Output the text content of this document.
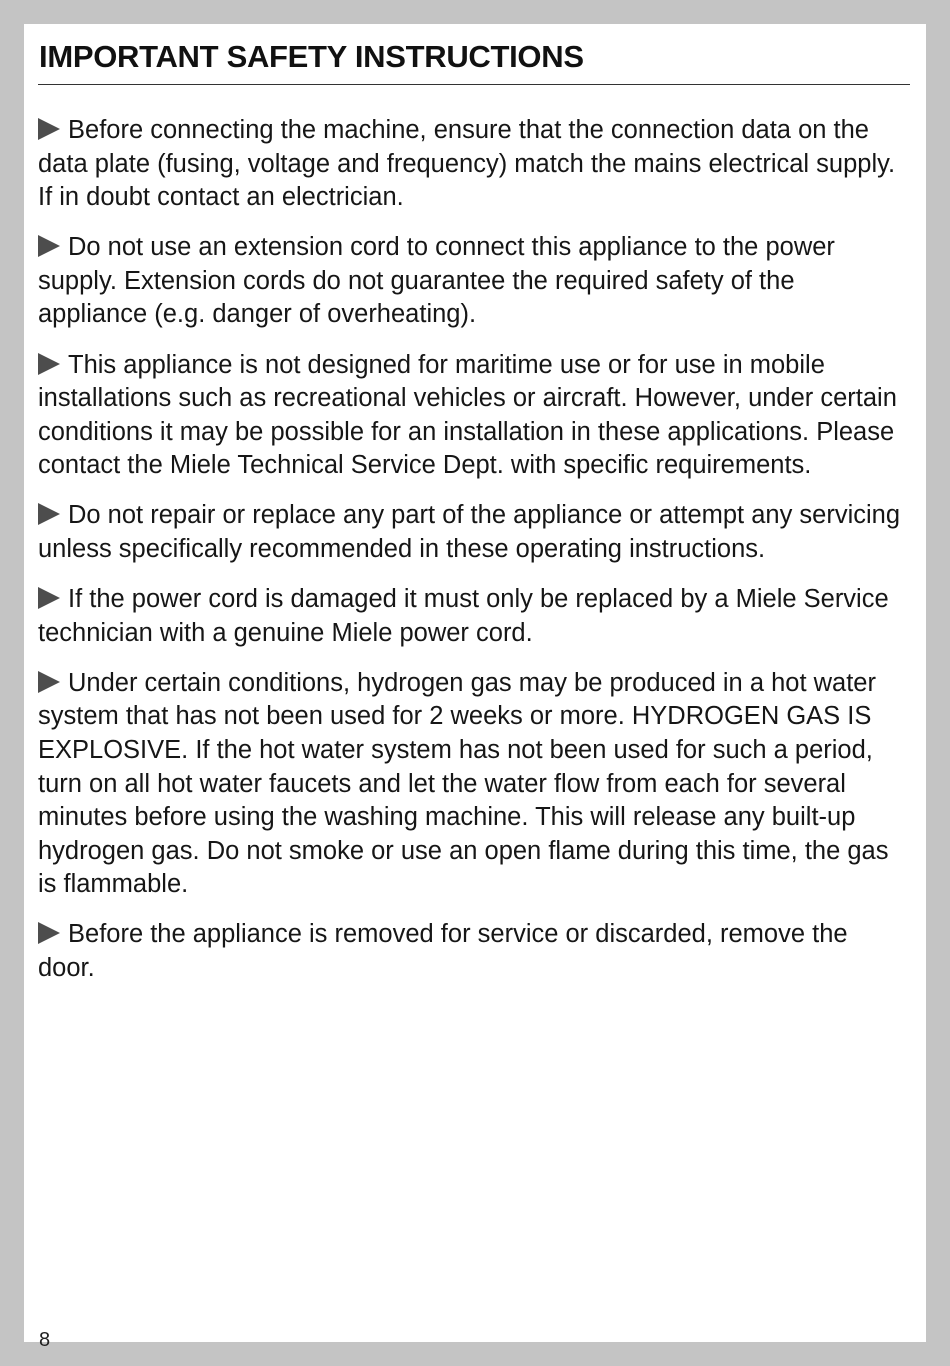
IMPORTANT SAFETY INSTRUCTIONS
Before connecting the machine, ensure that the connection data on the data plate (fusing, voltage and frequency) match the mains electrical supply. If in doubt contact an electrician.
Do not use an extension cord to connect this appliance to the power supply. Extension cords do not guarantee the required safety of the appliance (e.g. danger of overheating).
This appliance is not designed for maritime use or for use in mobile installations such as recreational vehicles or aircraft. However, under certain conditions it may be possible for an installation in these applications. Please contact the Miele Technical Service Dept. with specific requirements.
Do not repair or replace any part of the appliance or attempt any servicing unless specifically recommended in these operating instructions.
If the power cord is damaged it must only be replaced by a Miele Service technician with a genuine Miele power cord.
Under certain conditions, hydrogen gas may be produced in a hot water system that has not been used for 2 weeks or more. HYDROGEN GAS IS EXPLOSIVE. If the hot water system has not been used for such a period, turn on all hot water faucets and let the water flow from each for several minutes before using the washing machine. This will release any built-up hydrogen gas. Do not smoke or use an open flame during this time, the gas is flammable.
Before the appliance is removed for service or discarded, remove the door.
8
